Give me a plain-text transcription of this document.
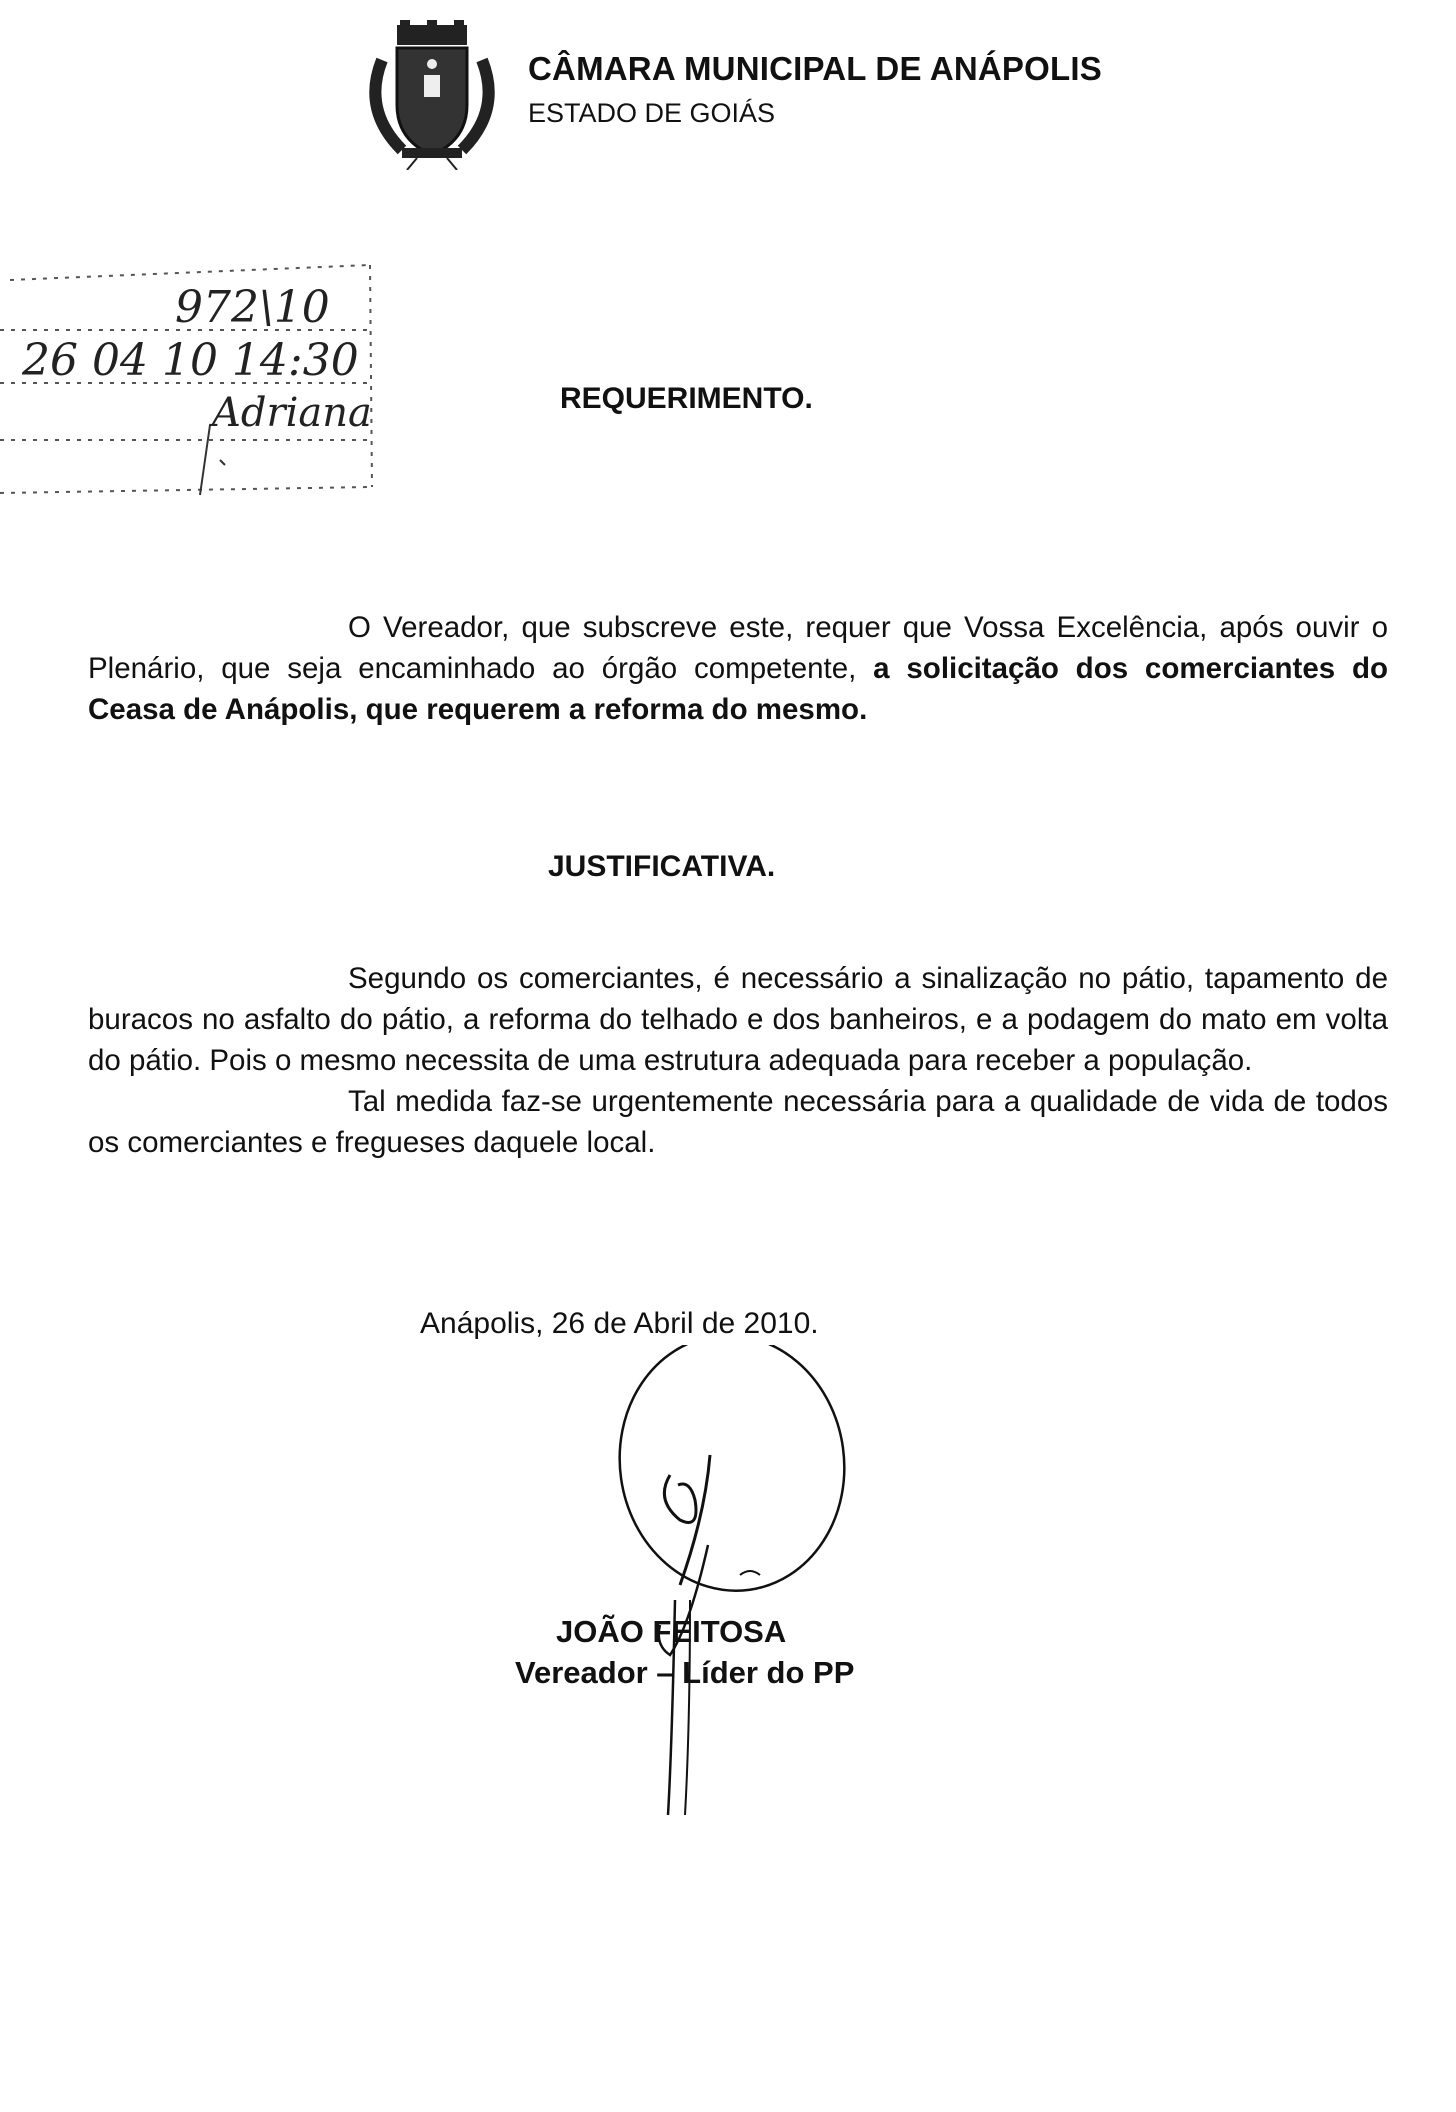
CÂMARA MUNICIPAL DE ANÁPOLIS
ESTADO DE GOIÁS
972\10
26 04 10 14:30
Adriana	REQUERIMENTO.

O Vereador, que subscreve este, requer que Vossa Excelência, após ouvir o Plenário, que seja encaminhado ao órgão competente, a solicitação dos comerciantes do Ceasa de Anápolis, que requerem a reforma do mesmo.

JUSTIFICATIVA.

Segundo os comerciantes, é necessário a sinalização no pátio, tapamento de buracos no asfalto do pátio, a reforma do telhado e dos banheiros, e a podagem do mato em volta do pátio. Pois o mesmo necessita de uma estrutura adequada para receber a população.

Tal medida faz-se urgentemente necessária para a qualidade de vida de todos os comerciantes e fregueses daquele local.

Anápolis, 26 de Abril de 2010.
JOÃO FEITOSA
Vereador – Líder do PP
